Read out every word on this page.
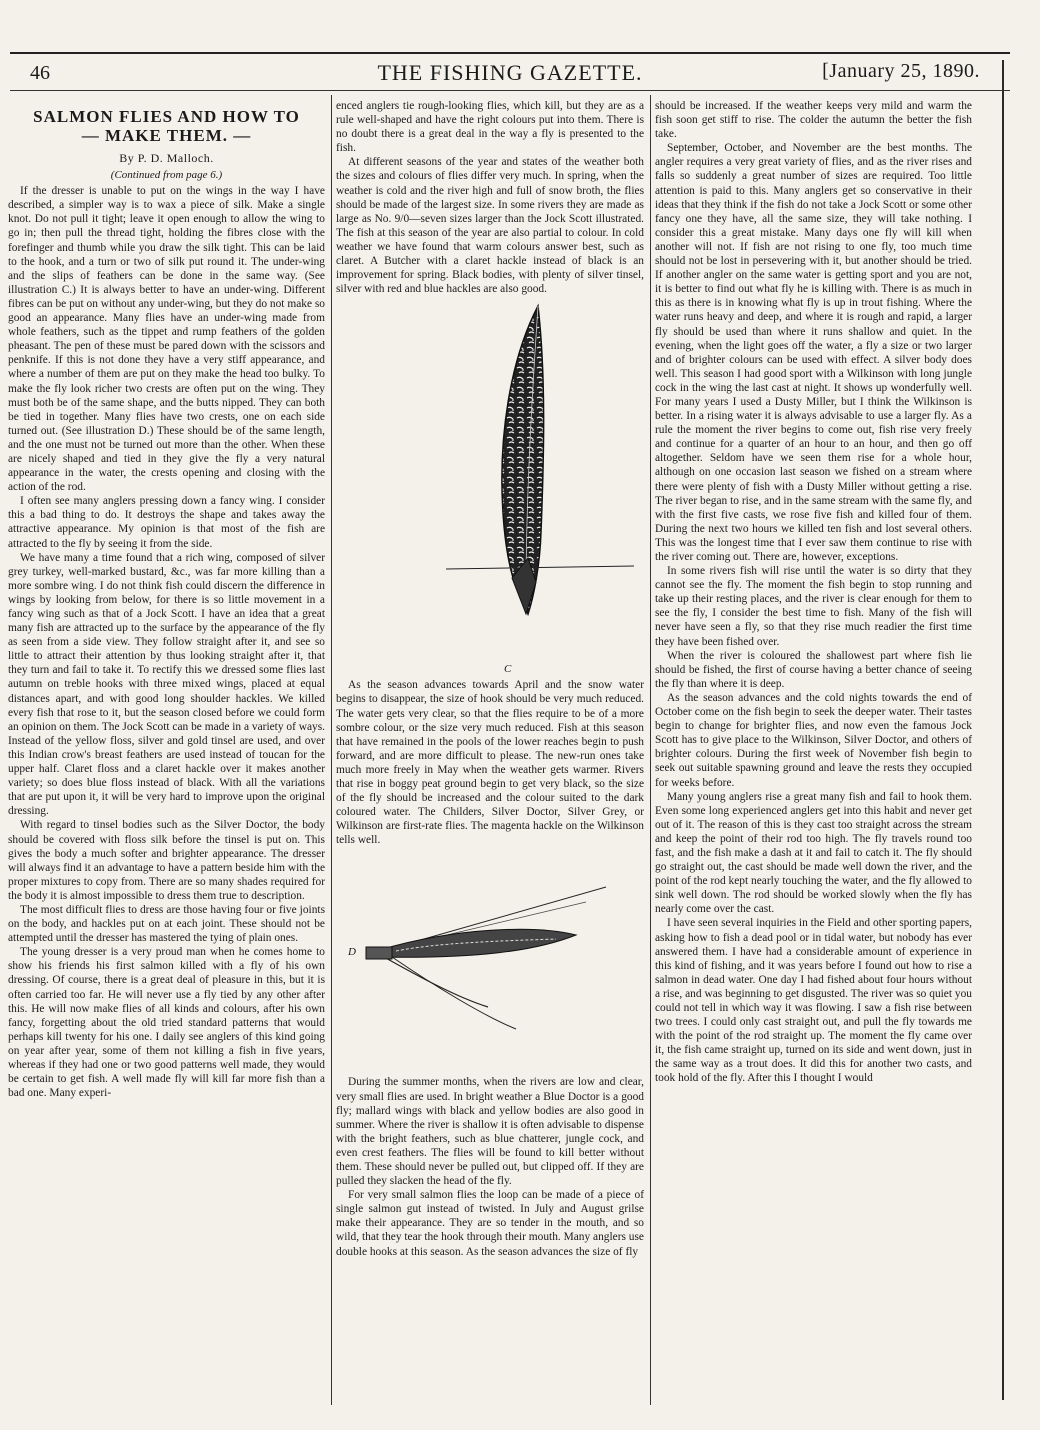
46	THE FISHING GAZETTE.	[January 25, 1890.
SALMON FLIES AND HOW TO
— MAKE THEM. —
By P. D. Malloch.
(Continued from page 6.)

If the dresser is unable to put on the wings in the way I have described, a simpler way is to wax a piece of silk. Make a single knot. Do not pull it tight; leave it open enough to allow the wing to go in; then pull the thread tight, holding the fibres close with the forefinger and thumb while you draw the silk tight. This can be laid to the hook, and a turn or two of silk put round it. The under-wing and the slips of feathers can be done in the same way. (See illustration C.) It is always better to have an under-wing. Different fibres can be put on without any under-wing, but they do not make so good an appearance. Many flies have an under-wing made from whole feathers, such as the tippet and rump feathers of the golden pheasant. The pen of these must be pared down with the scissors and penknife. If this is not done they have a very stiff appearance, and where a number of them are put on they make the head too bulky. To make the fly look richer two crests are often put on the wing. They must both be of the same shape, and the butts nipped. They can both be tied in together. Many flies have two crests, one on each side turned out. (See illustration D.) These should be of the same length, and the one must not be turned out more than the other. When these are nicely shaped and tied in they give the fly a very natural appearance in the water, the crests opening and closing with the action of the rod.

I often see many anglers pressing down a fancy wing. I consider this a bad thing to do. It destroys the shape and takes away the attractive appearance. My opinion is that most of the fish are attracted to the fly by seeing it from the side.

We have many a time found that a rich wing, composed of silver grey turkey, well-marked bustard, &c., was far more killing than a more sombre wing. I do not think fish could discern the difference in wings by looking from below, for there is so little movement in a fancy wing such as that of a Jock Scott. I have an idea that a great many fish are attracted up to the surface by the appearance of the fly as seen from a side view. They follow straight after it, and see so little to attract their attention by thus looking straight after it, that they turn and fail to take it. To rectify this we dressed some flies last autumn on treble hooks with three mixed wings, placed at equal distances apart, and with good long shoulder hackles. We killed every fish that rose to it, but the season closed before we could form an opinion on them. The Jock Scott can be made in a variety of ways. Instead of the yellow floss, silver and gold tinsel are used, and over this Indian crow's breast feathers are used instead of toucan for the upper half. Claret floss and a claret hackle over it makes another variety; so does blue floss instead of black. With all the variations that are put upon it, it will be very hard to improve upon the original dressing.

With regard to tinsel bodies such as the Silver Doctor, the body should be covered with floss silk before the tinsel is put on. This gives the body a much softer and brighter appearance. The dresser will always find it an advantage to have a pattern beside him with the proper mixtures to copy from. There are so many shades required for the body it is almost impossible to dress them true to description.

The most difficult flies to dress are those having four or five joints on the body, and hackles put on at each joint. These should not be attempted until the dresser has mastered the tying of plain ones.

The young dresser is a very proud man when he comes home to show his friends his first salmon killed with a fly of his own dressing. Of course, there is a great deal of pleasure in this, but it is often carried too far. He will never use a fly tied by any other after this. He will now make flies of all kinds and colours, after his own fancy, forgetting about the old tried standard patterns that would perhaps kill twenty for his one. I daily see anglers of this kind going on year after year, some of them not killing a fish in five years, whereas if they had one or two good patterns well made, they would be certain to get fish. A well made fly will kill far more fish than a bad one. Many experi-

enced anglers tie rough-looking flies, which kill, but they are as a rule well-shaped and have the right colours put into them. There is no doubt there is a great deal in the way a fly is presented to the fish.

At different seasons of the year and states of the weather both the sizes and colours of flies differ very much. In spring, when the weather is cold and the river high and full of snow broth, the flies should be made of the largest size. In some rivers they are made as large as No. 9/0—seven sizes larger than the Jock Scott illustrated. The fish at this season of the year are also partial to colour. In cold weather we have found that warm colours answer best, such as claret. A Butcher with a claret hackle instead of black is an improvement for spring. Black bodies, with plenty of silver tinsel, silver with red and blue hackles are also good.

C

As the season advances towards April and the snow water begins to disappear, the size of hook should be very much reduced. The water gets very clear, so that the flies require to be of a more sombre colour, or the size very much reduced. Fish at this season that have remained in the pools of the lower reaches begin to push forward, and are more difficult to please. The new-run ones take much more freely in May when the weather gets warmer. Rivers that rise in boggy peat ground begin to get very black, so the size of the fly should be increased and the colour suited to the dark coloured water. The Childers, Silver Doctor, Silver Grey, or Wilkinson are first-rate flies. The magenta hackle on the Wilkinson tells well.

D

During the summer months, when the rivers are low and clear, very small flies are used. In bright weather a Blue Doctor is a good fly; mallard wings with black and yellow bodies are also good in summer. Where the river is shallow it is often advisable to dispense with the bright feathers, such as blue chatterer, jungle cock, and even crest feathers. The flies will be found to kill better without them. These should never be pulled out, but clipped off. If they are pulled they slacken the head of the fly.

For very small salmon flies the loop can be made of a piece of single salmon gut instead of twisted. In July and August grilse make their appearance. They are so tender in the mouth, and so wild, that they tear the hook through their mouth. Many anglers use double hooks at this season. As the season advances the size of fly

should be increased. If the weather keeps very mild and warm the fish soon get stiff to rise. The colder the autumn the better the fish take.

September, October, and November are the best months. The angler requires a very great variety of flies, and as the river rises and falls so suddenly a great number of sizes are required. Too little attention is paid to this. Many anglers get so conservative in their ideas that they think if the fish do not take a Jock Scott or some other fancy one they have, all the same size, they will take nothing. I consider this a great mistake. Many days one fly will kill when another will not. If fish are not rising to one fly, too much time should not be lost in persevering with it, but another should be tried. If another angler on the same water is getting sport and you are not, it is better to find out what fly he is killing with. There is as much in this as there is in knowing what fly is up in trout fishing. Where the water runs heavy and deep, and where it is rough and rapid, a larger fly should be used than where it runs shallow and quiet. In the evening, when the light goes off the water, a fly a size or two larger and of brighter colours can be used with effect. A silver body does well. This season I had good sport with a Wilkinson with long jungle cock in the wing the last cast at night. It shows up wonderfully well. For many years I used a Dusty Miller, but I think the Wilkinson is better. In a rising water it is always advisable to use a larger fly. As a rule the moment the river begins to come out, fish rise very freely and continue for a quarter of an hour to an hour, and then go off altogether. Seldom have we seen them rise for a whole hour, although on one occasion last season we fished on a stream where there were plenty of fish with a Dusty Miller without getting a rise. The river began to rise, and in the same stream with the same fly, and with the first five casts, we rose five fish and killed four of them. During the next two hours we killed ten fish and lost several others. This was the longest time that I ever saw them continue to rise with the river coming out. There are, however, exceptions.

In some rivers fish will rise until the water is so dirty that they cannot see the fly. The moment the fish begin to stop running and take up their resting places, and the river is clear enough for them to see the fly, I consider the best time to fish. Many of the fish will never have seen a fly, so that they rise much readier the first time they have been fished over.

When the river is coloured the shallowest part where fish lie should be fished, the first of course having a better chance of seeing the fly than where it is deep.

As the season advances and the cold nights towards the end of October come on the fish begin to seek the deeper water. Their tastes begin to change for brighter flies, and now even the famous Jock Scott has to give place to the Wilkinson, Silver Doctor, and others of brighter colours. During the first week of November fish begin to seek out suitable spawning ground and leave the rests they occupied for weeks before.

Many young anglers rise a great many fish and fail to hook them. Even some long experienced anglers get into this habit and never get out of it. The reason of this is they cast too straight across the stream and keep the point of their rod too high. The fly travels round too fast, and the fish make a dash at it and fail to catch it. The fly should go straight out, the cast should be made well down the river, and the point of the rod kept nearly touching the water, and the fly allowed to sink well down. The rod should be worked slowly when the fly has nearly come over the cast.

I have seen several inquiries in the Field and other sporting papers, asking how to fish a dead pool or in tidal water, but nobody has ever answered them. I have had a considerable amount of experience in this kind of fishing, and it was years before I found out how to rise a salmon in dead water. One day I had fished about four hours without a rise, and was beginning to get disgusted. The river was so quiet you could not tell in which way it was flowing. I saw a fish rise between two trees. I could only cast straight out, and pull the fly towards me with the point of the rod straight up. The moment the fly came over it, the fish came straight up, turned on its side and went down, just in the same way as a trout does. It did this for another two casts, and took hold of the fly. After this I thought I would
